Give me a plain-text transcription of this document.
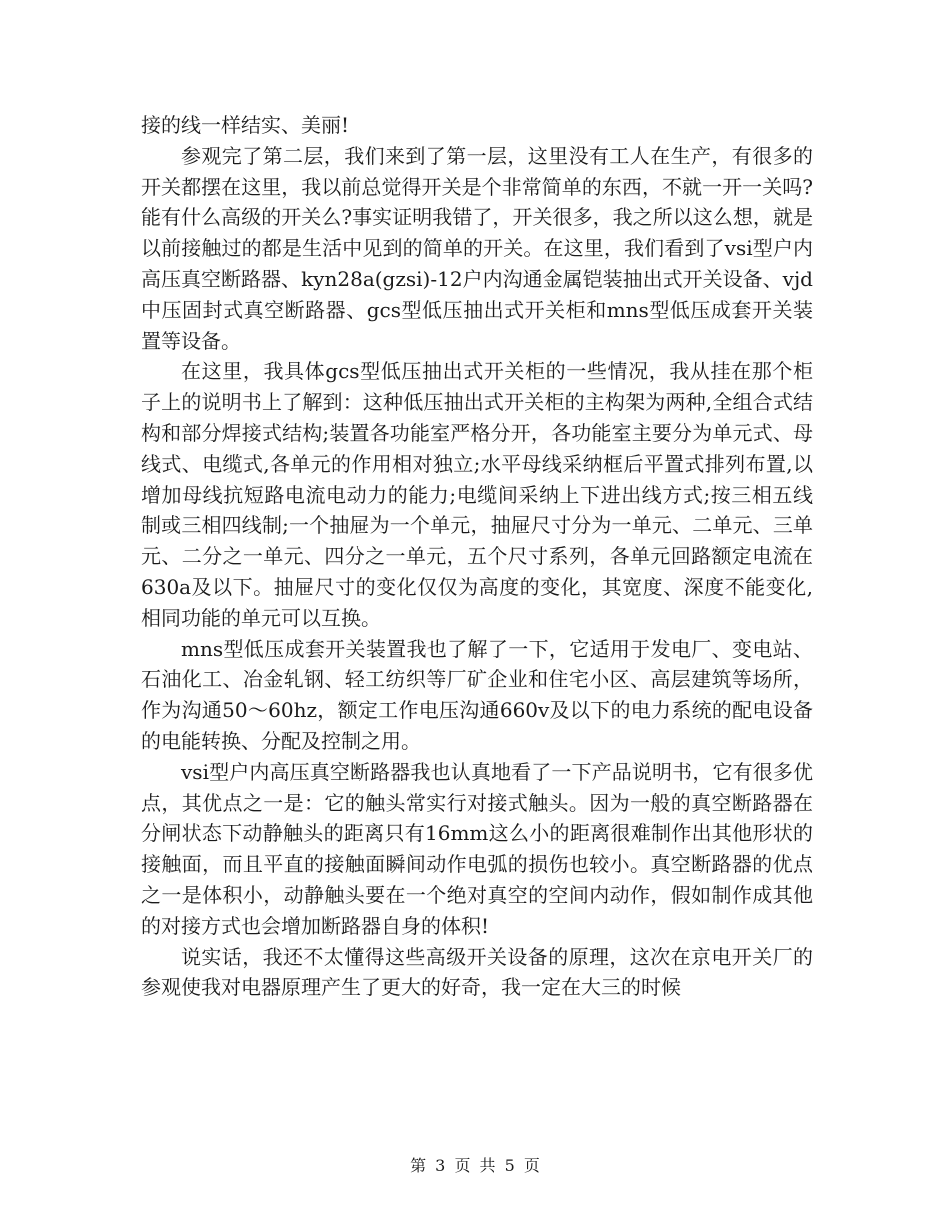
接的线一样结实、美丽!

参观完了第二层，我们来到了第一层，这里没有工人在生产，有很多的开关都摆在这里，我以前总觉得开关是个非常简单的东西，不就一开一关吗?能有什么高级的开关么?事实证明我错了，开关很多，我之所以这么想，就是以前接触过的都是生活中见到的简单的开关。在这里，我们看到了vsi型户内高压真空断路器、kyn28a(gzsi)-12户内沟通金属铠装抽出式开关设备、vjd中压固封式真空断路器、gcs型低压抽出式开关柜和mns型低压成套开关装置等设备。

在这里，我具体gcs型低压抽出式开关柜的一些情况，我从挂在那个柜子上的说明书上了解到：这种低压抽出式开关柜的主构架为两种,全组合式结构和部分焊接式结构;装置各功能室严格分开，各功能室主要分为单元式、母线式、电缆式,各单元的作用相对独立;水平母线采纳框后平置式排列布置,以增加母线抗短路电流电动力的能力;电缆间采纳上下进出线方式;按三相五线制或三相四线制;一个抽屉为一个单元，抽屉尺寸分为一单元、二单元、三单元、二分之一单元、四分之一单元，五个尺寸系列，各单元回路额定电流在630a及以下。抽屉尺寸的变化仅仅为高度的变化，其宽度、深度不能变化,相同功能的单元可以互换。

mns型低压成套开关装置我也了解了一下，它适用于发电厂、变电站、石油化工、冶金轧钢、轻工纺织等厂矿企业和住宅小区、高层建筑等场所，作为沟通50～60hz，额定工作电压沟通660v及以下的电力系统的配电设备的电能转换、分配及控制之用。

vsi型户内高压真空断路器我也认真地看了一下产品说明书，它有很多优点，其优点之一是：它的触头常实行对接式触头。因为一般的真空断路器在分闸状态下动静触头的距离只有16mm这么小的距离很难制作出其他形状的接触面，而且平直的接触面瞬间动作电弧的损伤也较小。真空断路器的优点之一是体积小，动静触头要在一个绝对真空的空间内动作，假如制作成其他的对接方式也会增加断路器自身的体积!

说实话，我还不太懂得这些高级开关设备的原理，这次在京电开关厂的参观使我对电器原理产生了更大的好奇，我一定在大三的时候

第 3 页 共 5 页
